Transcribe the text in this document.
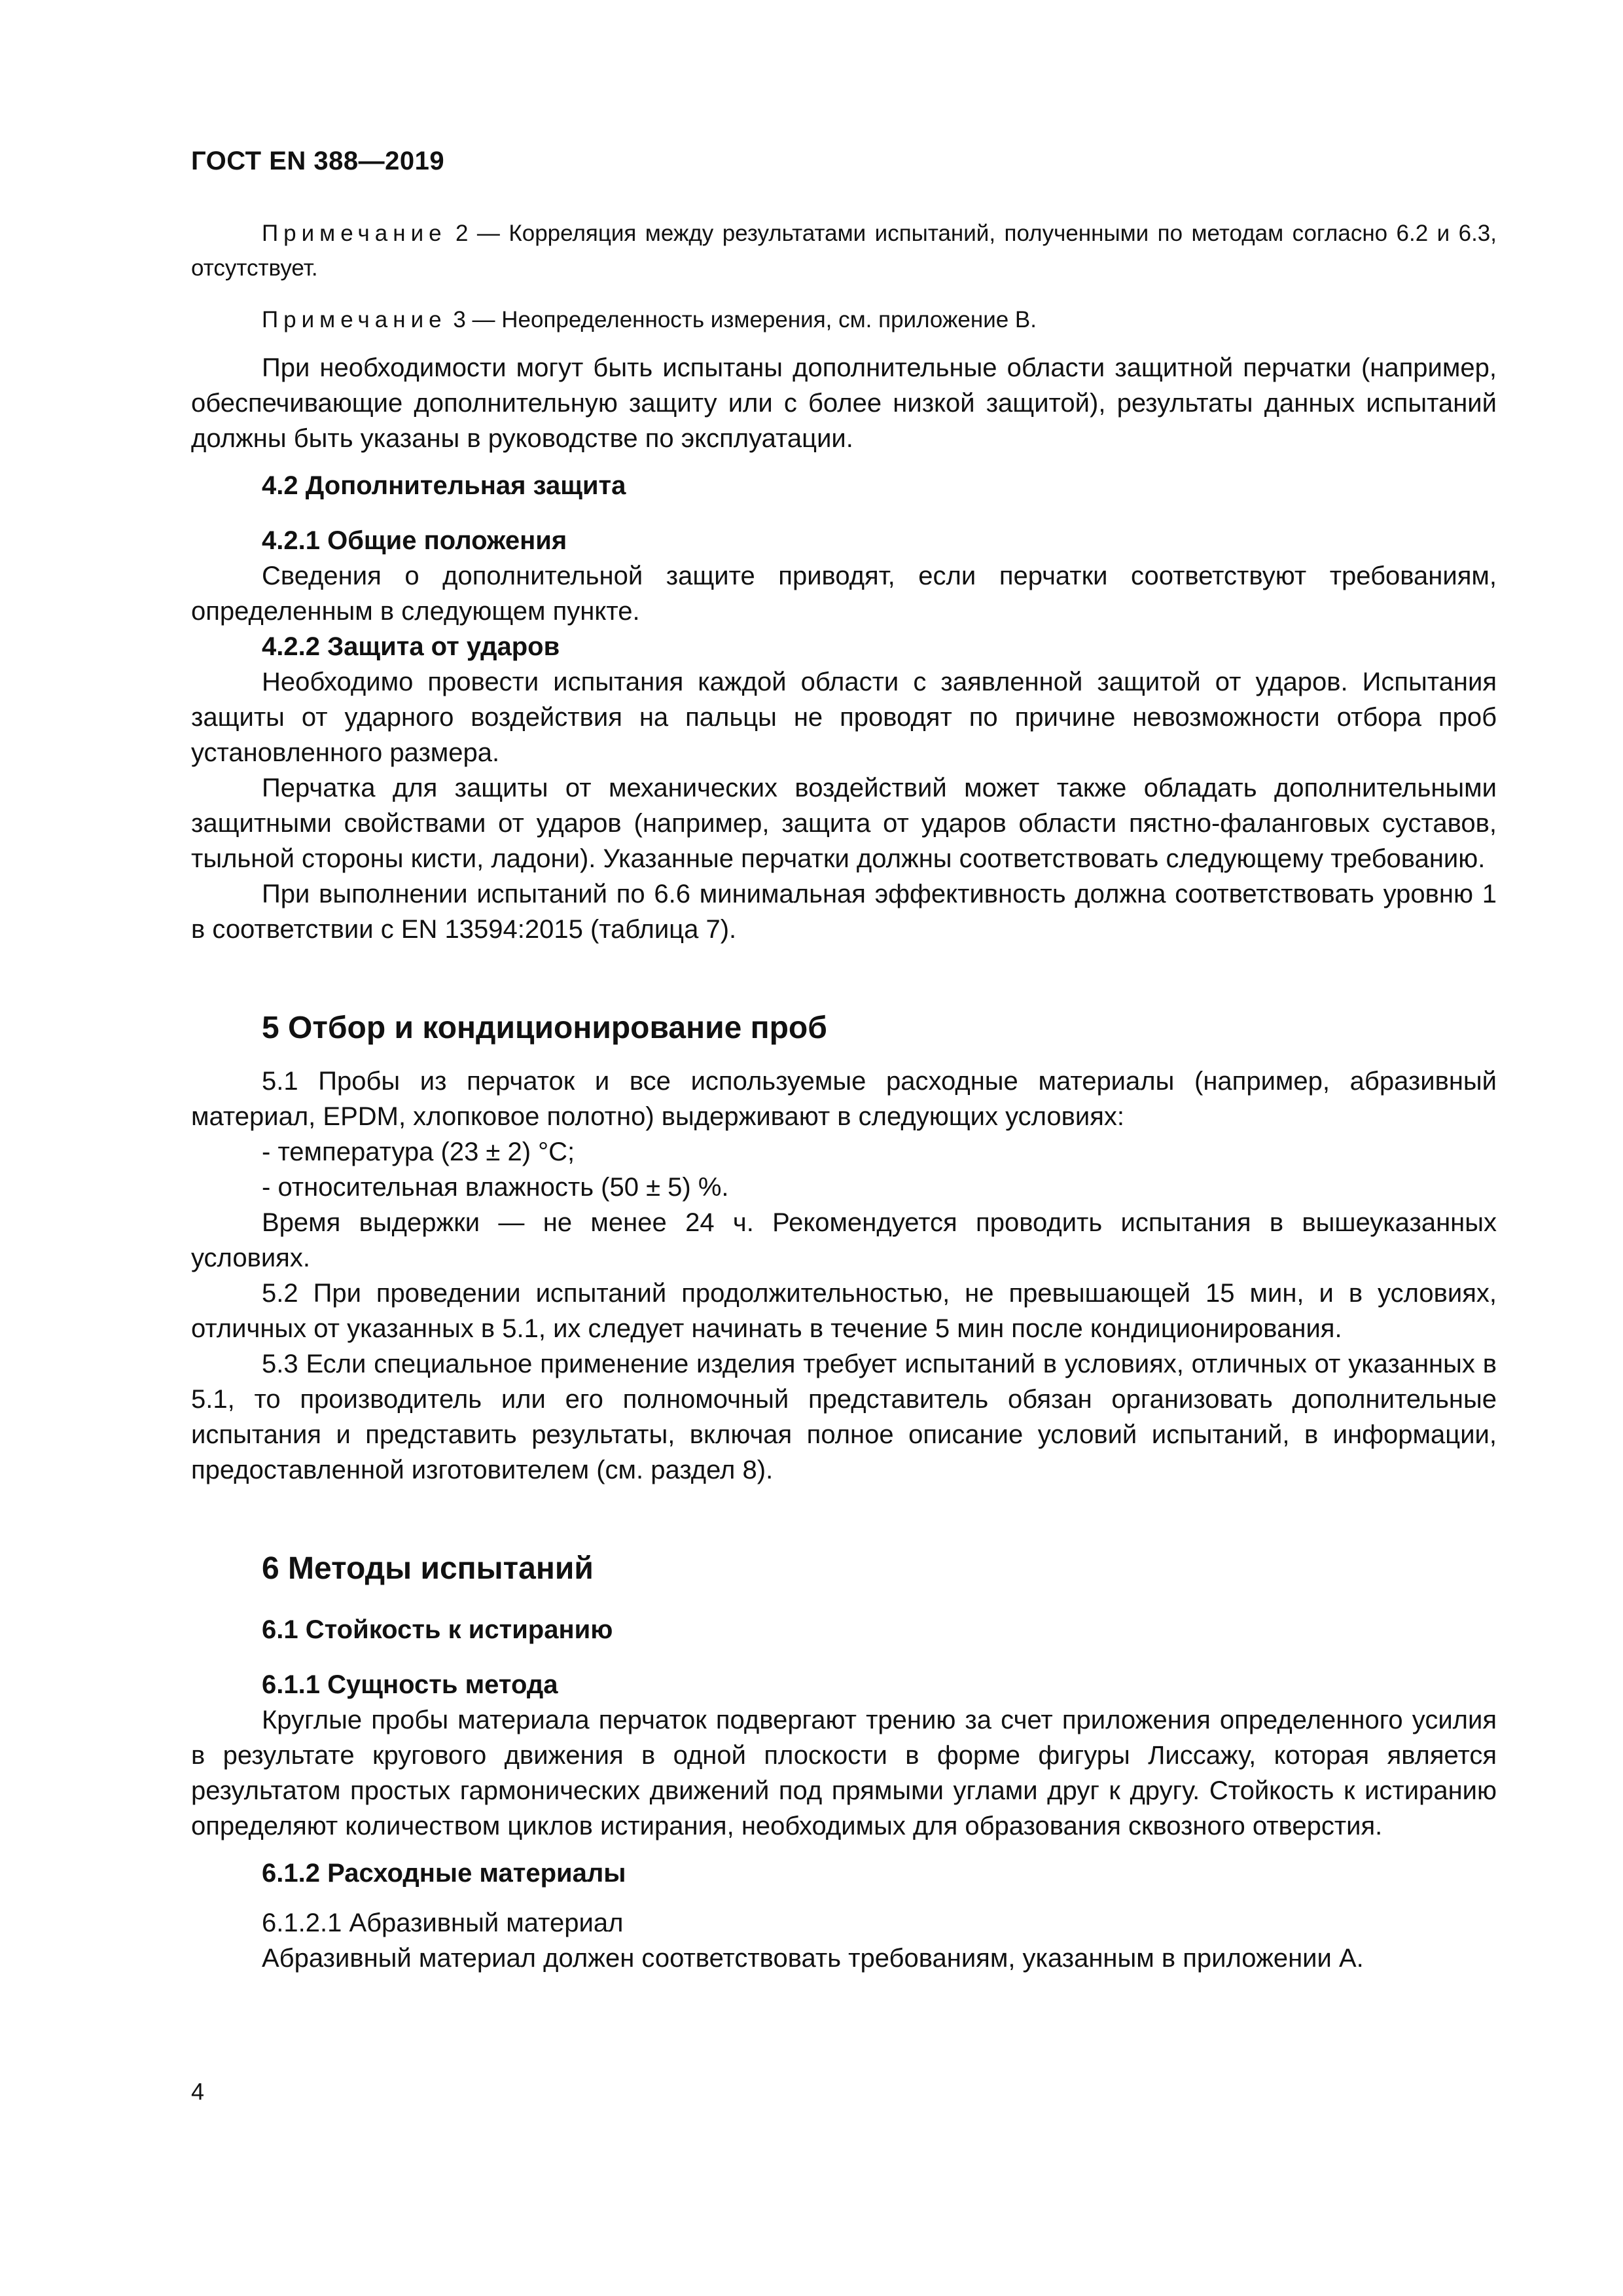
ГОСТ EN 388—2019

Примечание 2 — Корреляция между результатами испытаний, полученными по методам согласно 6.2 и 6.3, отсутствует.

Примечание 3 — Неопределенность измерения, см. приложение В.

При необходимости могут быть испытаны дополнительные области защитной перчатки (например, обеспечивающие дополнительную защиту или с более низкой защитой), результаты данных испытаний должны быть указаны в руководстве по эксплуатации.

4.2 Дополнительная защита

4.2.1 Общие положения

Сведения о дополнительной защите приводят, если перчатки соответствуют требованиям, определенным в следующем пункте.

4.2.2 Защита от ударов

Необходимо провести испытания каждой области с заявленной защитой от ударов. Испытания защиты от ударного воздействия на пальцы не проводят по причине невозможности отбора проб установленного размера.

Перчатка для защиты от механических воздействий может также обладать дополнительными защитными свойствами от ударов (например, защита от ударов области пястно-фаланговых суставов, тыльной стороны кисти, ладони). Указанные перчатки должны соответствовать следующему требованию.

При выполнении испытаний по 6.6 минимальная эффективность должна соответствовать уровню 1 в соответствии с EN 13594:2015 (таблица 7).

5 Отбор и кондиционирование проб

5.1 Пробы из перчаток и все используемые расходные материалы (например, абразивный материал, EPDM, хлопковое полотно) выдерживают в следующих условиях:

- температура (23 ± 2) °С;

- относительная влажность (50 ± 5) %.

Время выдержки — не менее 24 ч. Рекомендуется проводить испытания в вышеуказанных условиях.

5.2 При проведении испытаний продолжительностью, не превышающей 15 мин, и в условиях, отличных от указанных в 5.1, их следует начинать в течение 5 мин после кондиционирования.

5.3 Если специальное применение изделия требует испытаний в условиях, отличных от указанных в 5.1, то производитель или его полномочный представитель обязан организовать дополнительные испытания и представить результаты, включая полное описание условий испытаний, в информации, предоставленной изготовителем (см. раздел 8).

6 Методы испытаний

6.1 Стойкость к истиранию

6.1.1 Сущность метода

Круглые пробы материала перчаток подвергают трению за счет приложения определенного усилия в результате кругового движения в одной плоскости в форме фигуры Лиссажу, которая является результатом простых гармонических движений под прямыми углами друг к другу. Стойкость к истиранию определяют количеством циклов истирания, необходимых для образования сквозного отверстия.

6.1.2 Расходные материалы

6.1.2.1 Абразивный материал

Абразивный материал должен соответствовать требованиям, указанным в приложении А.

4
